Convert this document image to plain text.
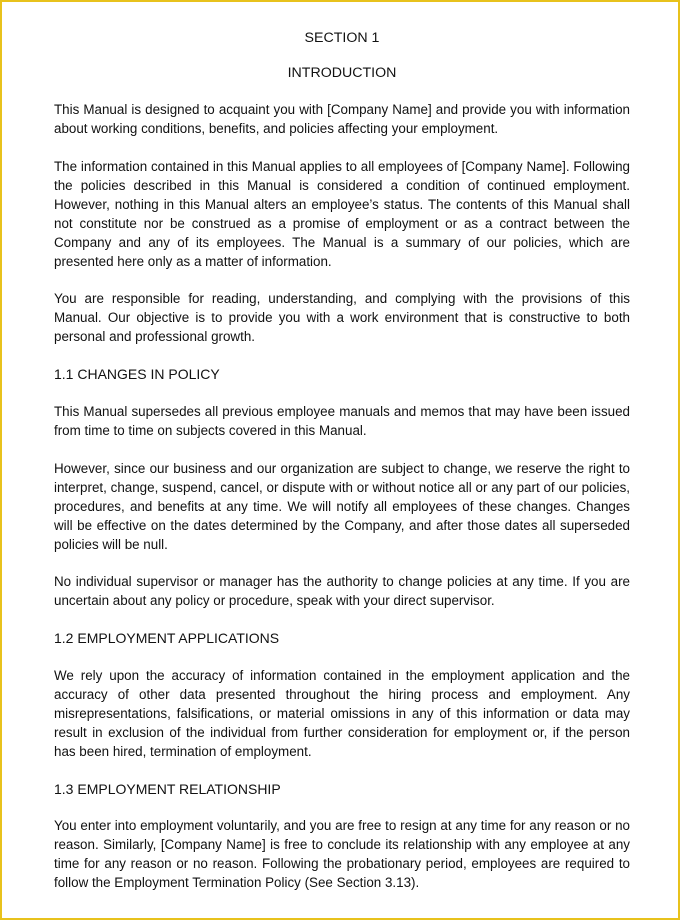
SECTION 1
INTRODUCTION

This Manual is designed to acquaint you with [Company Name] and provide you with information about working conditions, benefits, and policies affecting your employment.

The information contained in this Manual applies to all employees of [Company Name]. Following the policies described in this Manual is considered a condition of continued employment. However, nothing in this Manual alters an employee’s status. The contents of this Manual shall not constitute nor be construed as a promise of employment or as a contract between the Company and any of its employees. The Manual is a summary of our policies, which are presented here only as a matter of information.

You are responsible for reading, understanding, and complying with the provisions of this Manual. Our objective is to provide you with a work environment that is constructive to both personal and professional growth.

1.1 CHANGES IN POLICY

This Manual supersedes all previous employee manuals and memos that may have been issued from time to time on subjects covered in this Manual.

However, since our business and our organization are subject to change, we reserve the right to interpret, change, suspend, cancel, or dispute with or without notice all or any part of our policies, procedures, and benefits at any time. We will notify all employees of these changes. Changes will be effective on the dates determined by the Company, and after those dates all superseded policies will be null.

No individual supervisor or manager has the authority to change policies at any time. If you are uncertain about any policy or procedure, speak with your direct supervisor.

1.2 EMPLOYMENT APPLICATIONS

We rely upon the accuracy of information contained in the employment application and the accuracy of other data presented throughout the hiring process and employment. Any misrepresentations, falsifications, or material omissions in any of this information or data may result in exclusion of the individual from further consideration for employment or, if the person has been hired, termination of employment.

1.3 EMPLOYMENT RELATIONSHIP

You enter into employment voluntarily, and you are free to resign at any time for any reason or no reason. Similarly, [Company Name] is free to conclude its relationship with any employee at any time for any reason or no reason. Following the probationary period, employees are required to follow the Employment Termination Policy (See Section 3.13).
